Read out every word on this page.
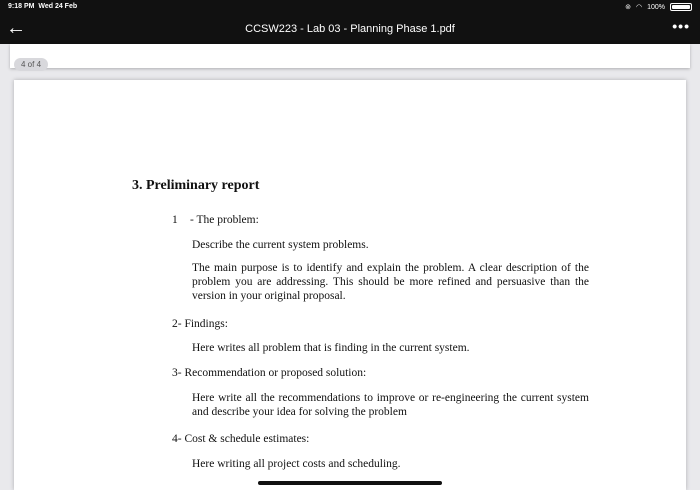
9:18 PM Wed 24 Feb	⊚ ◠ 100%
←	CCSW223 - Lab 03 - Planning Phase 1.pdf	•••
4 of 4
3. Preliminary report
1 - The problem:
Describe the current system problems.
The main purpose is to identify and explain the problem. A clear description of the problem you are addressing. This should be more refined and persuasive than the version in your original proposal.
2- Findings:
Here writes all problem that is finding in the current system.
3- Recommendation or proposed solution:
Here write all the recommendations to improve or re-engineering the current system and describe your idea for solving the problem
4- Cost & schedule estimates:
Here writing all project costs and scheduling.
